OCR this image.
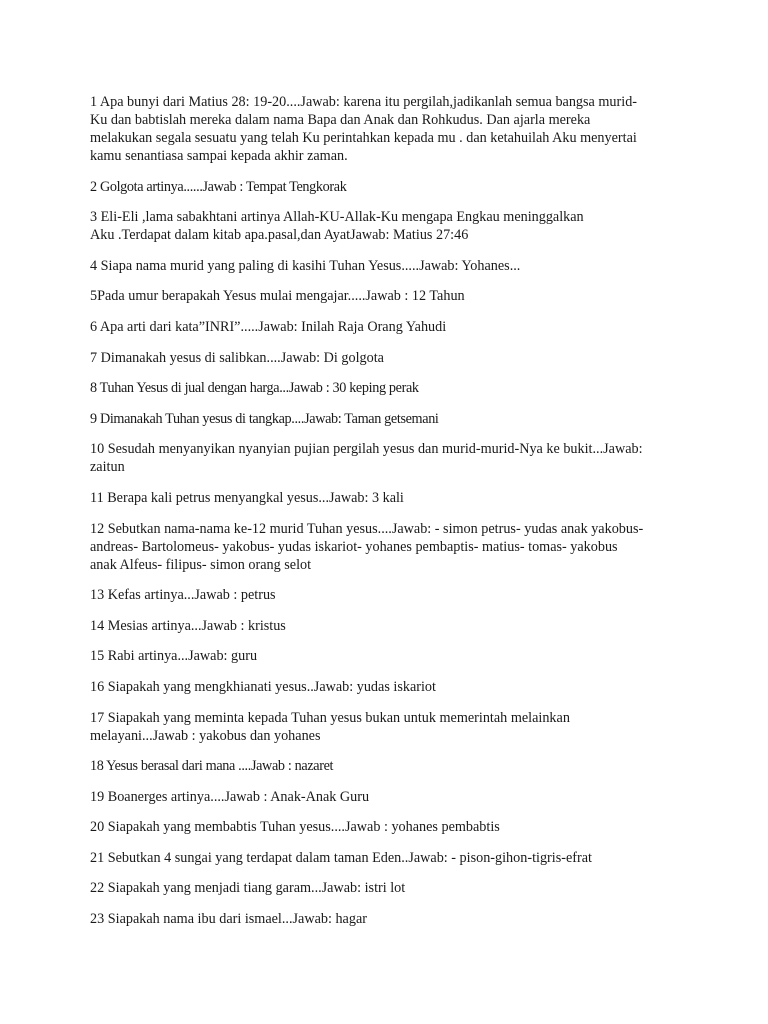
1 Apa bunyi dari Matius 28: 19-20....Jawab: karena itu pergilah,jadikanlah semua bangsa murid-
Ku dan babtislah mereka dalam nama Bapa dan Anak dan Rohkudus. Dan ajarla mereka
melakukan segala sesuatu yang telah Ku perintahkan kepada mu . dan ketahuilah Aku menyertai
kamu senantiasa sampai kepada akhir zaman.

2 Golgota artinya......Jawab : Tempat Tengkorak

3 Eli-Eli ,lama sabakhtani artinya Allah-KU-Allak-Ku mengapa Engkau meninggalkan
Aku .Terdapat dalam kitab apa.pasal,dan AyatJawab: Matius 27:46

4 Siapa nama murid yang paling di kasihi Tuhan Yesus.....Jawab: Yohanes...

5Pada umur berapakah Yesus mulai mengajar.....Jawab : 12 Tahun

6 Apa arti dari kata”INRI”.....Jawab: Inilah Raja Orang Yahudi

7 Dimanakah yesus di salibkan....Jawab: Di golgota

8 Tuhan Yesus di jual dengan harga...Jawab : 30 keping perak

9 Dimanakah Tuhan yesus di tangkap....Jawab: Taman getsemani

10 Sesudah menyanyikan nyanyian pujian pergilah yesus dan murid-murid-Nya ke bukit...Jawab:
zaitun

11 Berapa kali petrus menyangkal yesus...Jawab: 3 kali

12 Sebutkan nama-nama ke-12 murid Tuhan yesus....Jawab: - simon petrus- yudas anak yakobus-
andreas- Bartolomeus- yakobus- yudas iskariot- yohanes pembaptis- matius- tomas- yakobus
anak Alfeus- filipus- simon orang selot

13 Kefas artinya...Jawab : petrus

14 Mesias artinya...Jawab : kristus

15 Rabi artinya...Jawab: guru

16 Siapakah yang mengkhianati yesus..Jawab: yudas iskariot

17 Siapakah yang meminta kepada Tuhan yesus bukan untuk memerintah melainkan
melayani...Jawab : yakobus dan yohanes

18 Yesus berasal dari mana ....Jawab : nazaret

19 Boanerges artinya....Jawab : Anak-Anak Guru

20 Siapakah yang membabtis Tuhan yesus....Jawab : yohanes pembabtis

21 Sebutkan 4 sungai yang terdapat dalam taman Eden..Jawab: - pison-gihon-tigris-efrat

22 Siapakah yang menjadi tiang garam...Jawab: istri lot

23 Siapakah nama ibu dari ismael...Jawab: hagar
